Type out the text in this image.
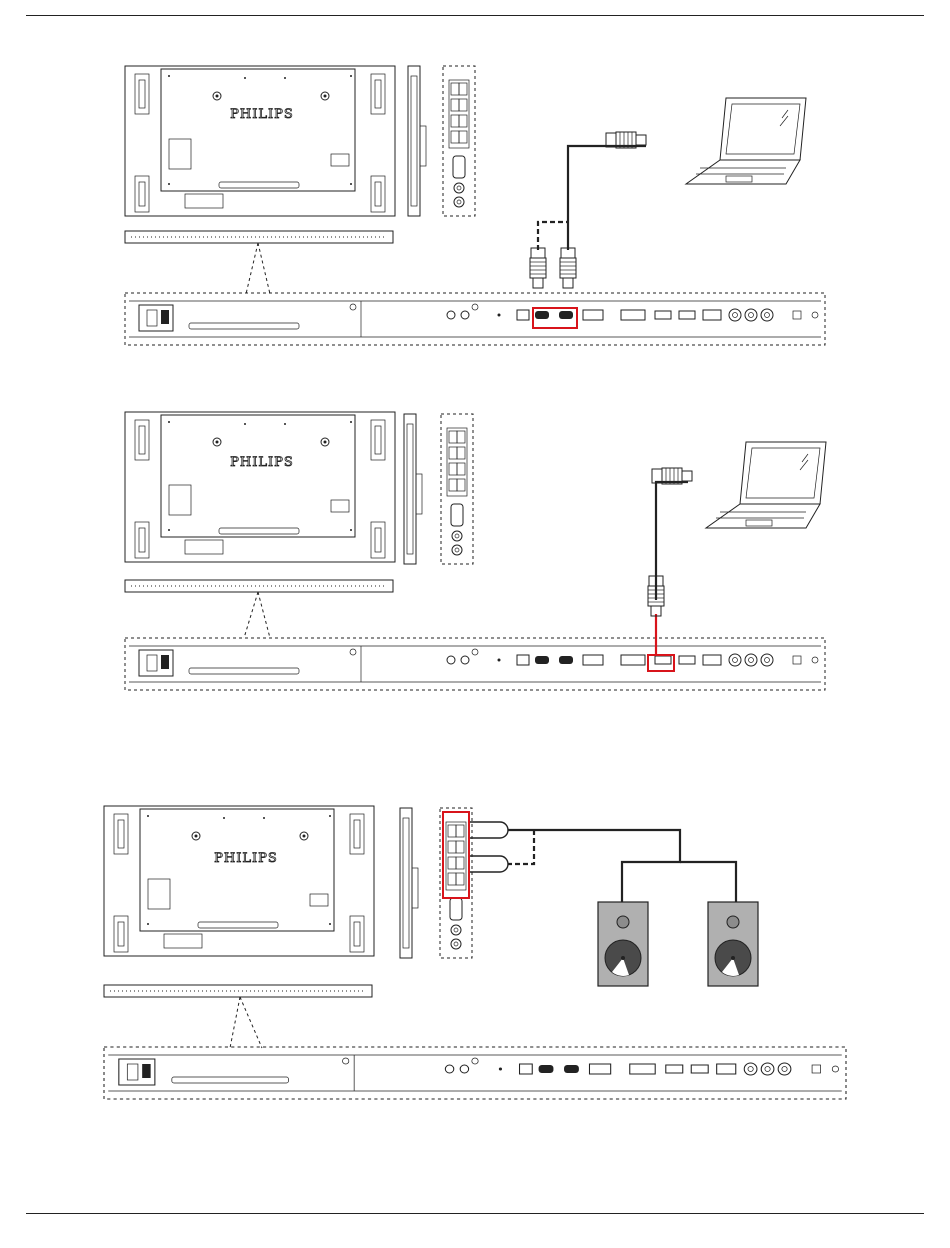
PHILIPS
PHILIPS
PHILIPS
